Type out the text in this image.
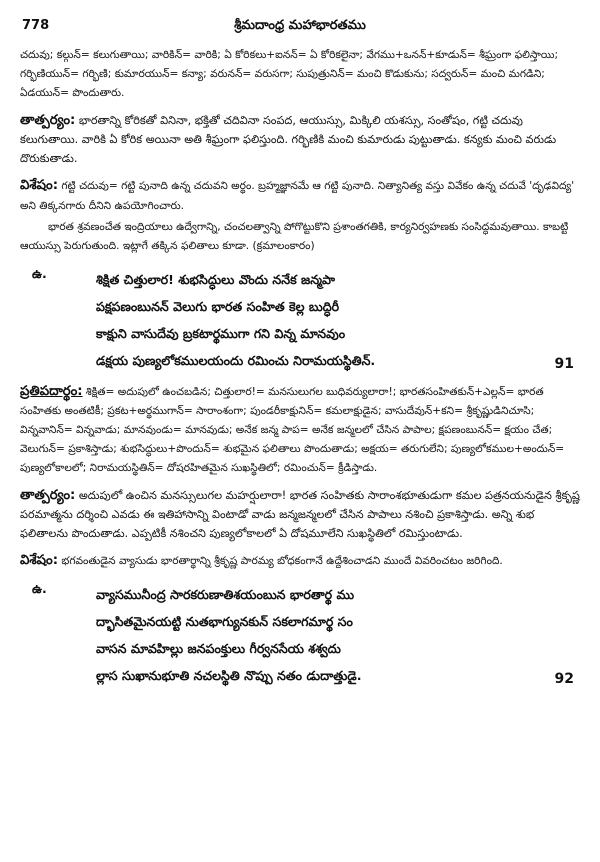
778	శ్రీమదాంధ్ర మహాభారతము

చదువు; కల్గున్= కలుగుతాయి; వారికిన్= వారికి; ఏ కోరికలు+ఐనన్= ఏ కోరికలైనా; వేగము+ఒనన్+కూడున్= శీఘ్రంగా ఫలిస్తాయి; గర్భిణియున్= గర్భిణి; కుమారయున్= కన్యా; వరునన్= వరుసగా; సుపుత్రునిన్= మంచి కొడుకును; సద్వరున్= మంచి మగడిని; ఏడయున్= పొందుతారు.

తాత్పర్యం: భారతాన్ని కోరికతో వినినా, భక్తితో చదివినా సంపద, ఆయుస్సు, మిక్కిలి యశస్సు, సంతోషం, గట్టి చదువు కలుగుతాయి. వారికి ఏ కోరిక అయినా అతి శీఘ్రంగా ఫలిస్తుంది. గర్భిణికి మంచి కుమారుడు పుట్టుతాడు. కన్యకు మంచి వరుడు దొరుకుతాడు.

విశేషం: గట్టి చదువు= గట్టి పునాది ఉన్న చదువని అర్థం. బ్రహ్మజ్ఞానమే ఆ గట్టి పునాది. నిత్యానిత్య వస్తు వివేకం ఉన్న చదువే 'దృఢవిద్య' అని తిక్కనగారు దీనిని ఉపయోగించారు.

భారత శ్రవణంచేత ఇంద్రియాలు ఉద్వేగాన్ని, చంచలత్వాన్ని పోగొట్టుకొని ప్రశాంతగతికి, కార్యనిర్వహణకు సంసిద్ధమవుతాయి. కాబట్టి ఆయుస్సు పెరుగుతుంది. ఇట్లాగే తక్కిన ఫలితాలు కూడా. (క్రమాలంకారం)

ఉ.	శిక్షిత చిత్తులార! శుభసిద్ధులు వొందు ననేక జన్మపా
పక్షపణంబునన్ వెలుగు భారత సంహిత కెల్ల బుద్ధిరీ
కాక్షుని వాసుదేవు బ్రకటార్థముగా గని విన్న మానవుం
డక్షయ పుణ్యలోకములయందు రమించు నిరామయస్థితిన్.	91

ప్రతిపదార్థం: శిక్షిత= అదుపులో ఉంచబడిన; చిత్తులార!= మనసులుగల బుధివర్యులారా!; భారతసంహితకున్+ఎల్లన్= భారత సంహితకు అంతటికీ; ప్రకట+అర్థముగాన్= సారాంశంగా; పుండరీకాక్షునిన్= కమలాక్షుడైన; వాసుదేవున్+కని= శ్రీకృష్ణుడినిచూసి; విన్నవానిన్= విన్నవాడు; మానవుండు= మానవుడు; అనేక జన్మ పాప= అనేక జన్మలలో చేసిన పాపాల; క్షపణంబునన్= క్షయం చేత; వెలుగున్= ప్రకాశిస్తాడు; శుభసిద్ధులు+పొందున్= శుభమైన ఫలితాలు పొందుతాడు; అక్షయ= తరుగులేని; పుణ్యలోకముల+అందున్= పుణ్యలోకాలలో; నిరామయస్థితిన్= దోషరహితమైన సుఖస్థితిలో; రమించున్= క్రీడిస్తాడు.

తాత్పర్యం: అదుపులో ఉంచిన మనస్సులుగల మహర్షులారా! భారత సంహితకు సారాంశభూతుడుగా కమల పత్రనయనుడైన శ్రీకృష్ణ పరమాత్మను దర్శించి ఎవడు ఈ ఇతిహాసాన్ని వింటాడో వాడు జన్మజన్మలలో చేసిన పాపాలు నశించి ప్రకాశిస్తాడు. అన్ని శుభ ఫలితాలను పొందుతాడు. ఎప్పటికీ నశించని పుణ్యలోకాలలో ఏ దోషమూలేని సుఖస్థితిలో రమిస్తుంటాడు.

విశేషం: భగవంతుడైన వ్యాసుడు భారతార్థాన్ని శ్రీకృష్ణ పారమ్య బోధకంగానే ఉద్దేశించాడని ముందే వివరించటం జరిగింది.

ఉ.	వ్యాసమునీంద్ర సారకరుణాతిశయంబున భారతార్థ ము
ద్భాసితమైనయట్టి నుతభాగ్యునకున్ సకలాగమార్థ సం
వాసన మావహిల్లు జనపంక్తులు గీర్వనసేయ శశ్వదు
ల్లాస సుఖానుభూతి నచలస్థితి నొప్పు నతం డుదాత్తుడై.	92
